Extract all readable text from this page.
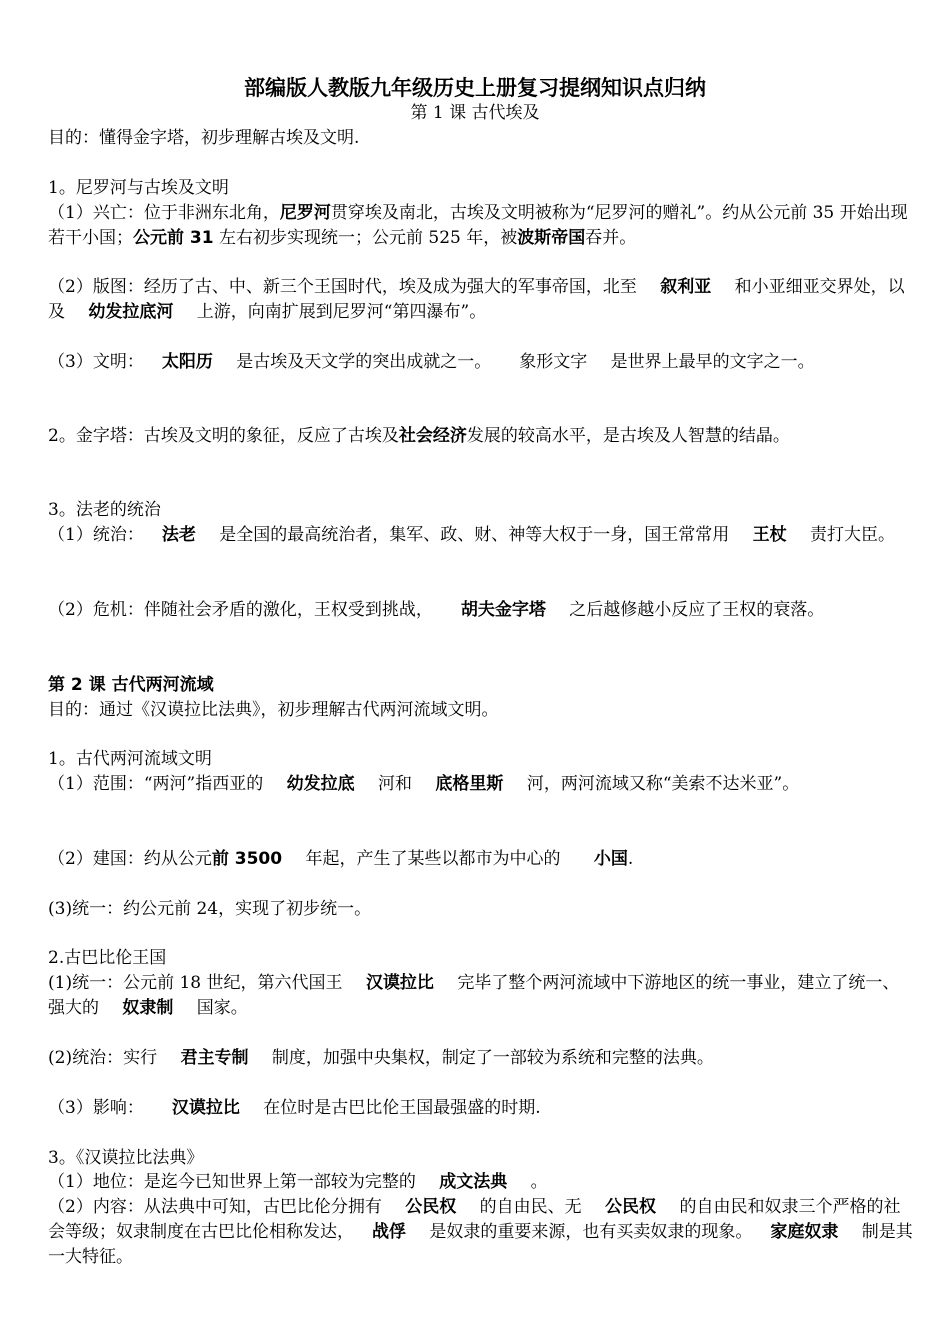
部编版人教版九年级历史上册复习提纲知识点归纳
第 1 课 古代埃及
目的：懂得金字塔，初步理解古埃及文明.
1。尼罗河与古埃及文明
（1）兴亡：位于非洲东北角，尼罗河贯穿埃及南北，古埃及文明被称为“尼罗河的赠礼”。约从公元前 35 开始出现若干小国；公元前 31 左右初步实现统一；公元前 525 年，被波斯帝国吞并。
（2）版图：经历了古、中、新三个王国时代，埃及成为强大的军事帝国，北至 叙利亚 和小亚细亚交界处，以及 幼发拉底河 上游，向南扩展到尼罗河“第四瀑布”。
（3）文明： 太阳历 是古埃及天文学的突出成就之一。 象形文字 是世界上最早的文字之一。
2。金字塔：古埃及文明的象征，反应了古埃及社会经济发展的较高水平，是古埃及人智慧的结晶。
3。法老的统治
（1）统治： 法老 是全国的最高统治者，集军、政、财、神等大权于一身，国王常常用 王杖 责打大臣。
（2）危机：伴随社会矛盾的激化，王权受到挑战， 胡夫金字塔 之后越修越小反应了王权的衰落。
第 2 课 古代两河流域
目的：通过《汉谟拉比法典》，初步理解古代两河流域文明。
1。古代两河流域文明
（1）范围：“两河”指西亚的 幼发拉底 河和 底格里斯 河，两河流域又称“美索不达米亚”。
（2）建国：约从公元前 3500 年起，产生了某些以都市为中心的 小国.
(3)统一：约公元前 24，实现了初步统一。
2.古巴比伦王国
(1)统一：公元前 18 世纪，第六代国王 汉谟拉比 完毕了整个两河流域中下游地区的统一事业，建立了统一、强大的 奴隶制 国家。
(2)统治：实行 君主专制 制度，加强中央集权，制定了一部较为系统和完整的法典。
（3）影响： 汉谟拉比 在位时是古巴比伦王国最强盛的时期.
3。《汉谟拉比法典》
（1）地位：是迄今已知世界上第一部较为完整的 成文法典 。
（2）内容：从法典中可知，古巴比伦分拥有 公民权 的自由民、无 公民权 的自由民和奴隶三个严格的社会等级；奴隶制度在古巴比伦相称发达， 战俘 是奴隶的重要来源，也有买卖奴隶的现象。 家庭奴隶 制是其一大特征。
